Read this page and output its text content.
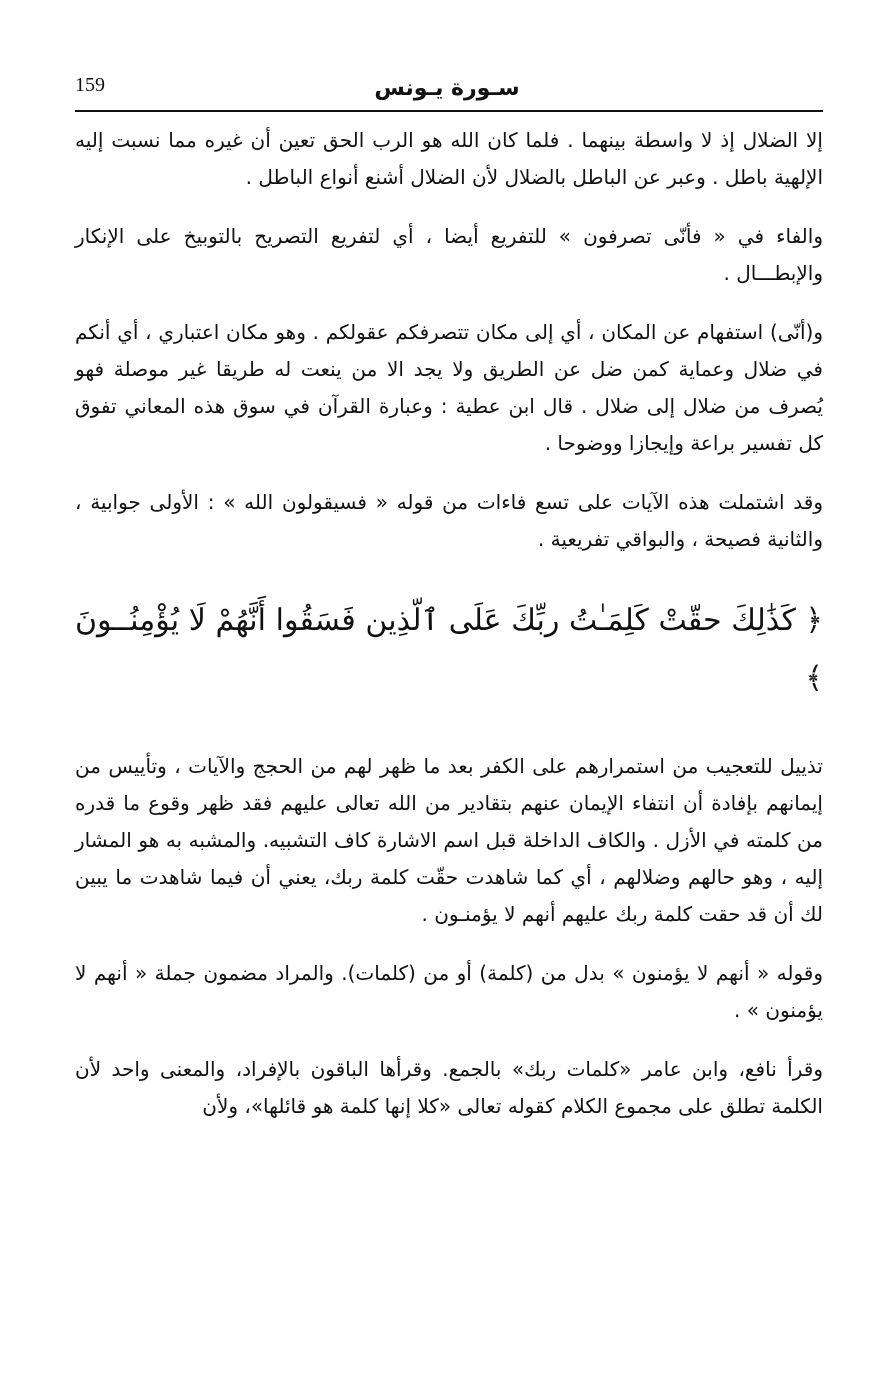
159	سـورة يـونس

إلا الضلال إذ لا واسطة بينهما . فلما كان الله هو الرب الحق تعين أن غيره مما نسبت إليه الإلهية باطل . وعبر عن الباطل بالضلال لأن الضلال أشنع أنواع الباطل .

والفاء في « فأنّى تصرفون » للتفريع أيضا ، أي لتفريع التصريح بالتوبيخ على الإنكار والإبطـــال .

و(أنّى) استفهام عن المكان ، أي إلى مكان تتصرفكم عقولكم . وهو مكان اعتباري ، أي أنكم في ضلال وعماية كمن ضل عن الطريق ولا يجد الا من ينعت له طريقا غير موصلة فهو يُصرف من ضلال إلى ضلال . قال ابن عطية : وعبارة القرآن في سوق هذه المعاني تفوق كل تفسير براعة وإيجازا ووضوحا .

وقد اشتملت هذه الآيات على تسع فاءات من قوله « فسيقولون الله » : الأولى جوابية ، والثانية فصيحة ، والبواقي تفريعية .

﴿ كَذَٰلِكَ حقّتْ كَلِمَـٰتُ ربِّكَ عَلَى ٱلّذِين فَسَقُوا أَنَّهُمْ لَا يُؤْمِنُــونَ ﴾

تذييل للتعجيب من استمرارهم على الكفر بعد ما ظهر لهم من الحجج والآيات ، وتأييس من إيمانهم بإفادة أن انتفاء الإيمان عنهم بتقادير من الله تعالى عليهم فقد ظهر وقوع ما قدره من كلمته في الأزل . والكاف الداخلة قبل اسم الاشارة كاف التشبيه. والمشبه به هو المشار إليه ، وهو حالهم وضلالهم ، أي كما شاهدت حقّت كلمة ربك، يعني أن فيما شاهدت ما يبين لك أن قد حقت كلمة ربك عليهم أنهم لا يؤمنـون .

وقوله « أنهم لا يؤمنون » بدل من (كلمة) أو من (كلمات). والمراد مضمون جملة « أنهم لا يؤمنون » .

وقرأ نافع، وابن عامر «كلمات ربك» بالجمع. وقرأها الباقون بالإفراد، والمعنى واحد لأن الكلمة تطلق على مجموع الكلام كقوله تعالى «كلا إنها كلمة هو قائلها»، ولأن
